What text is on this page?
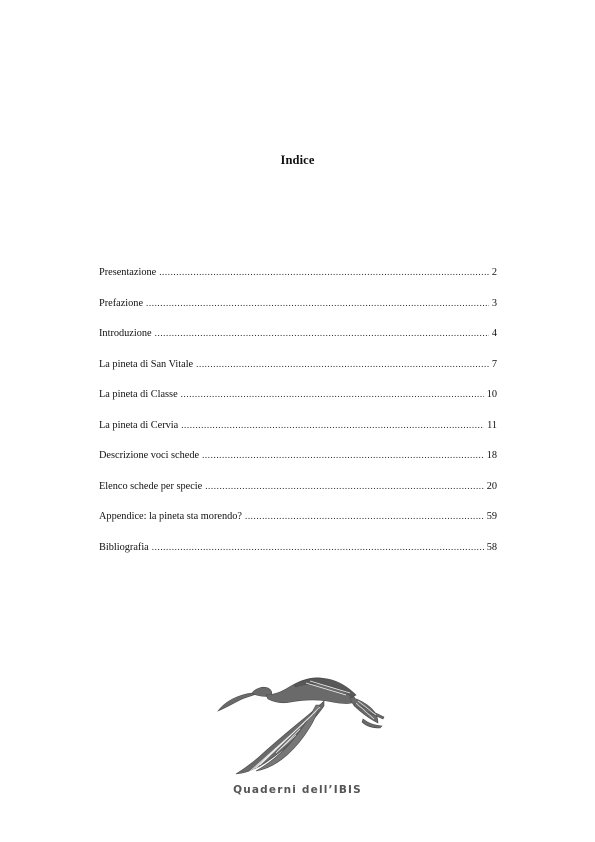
Indice
Presentazione .....	2
Prefazione .....	3
Introduzione .....	4
La pineta di San Vitale .....	7
La pineta di Classe .....	10
La pineta di Cervia .....	11
Descrizione voci schede .....	18
Elenco schede per specie .....	20
Appendice: la pineta sta morendo? .....	59
Bibliografia .....	58
Quaderni dell’IBIS
